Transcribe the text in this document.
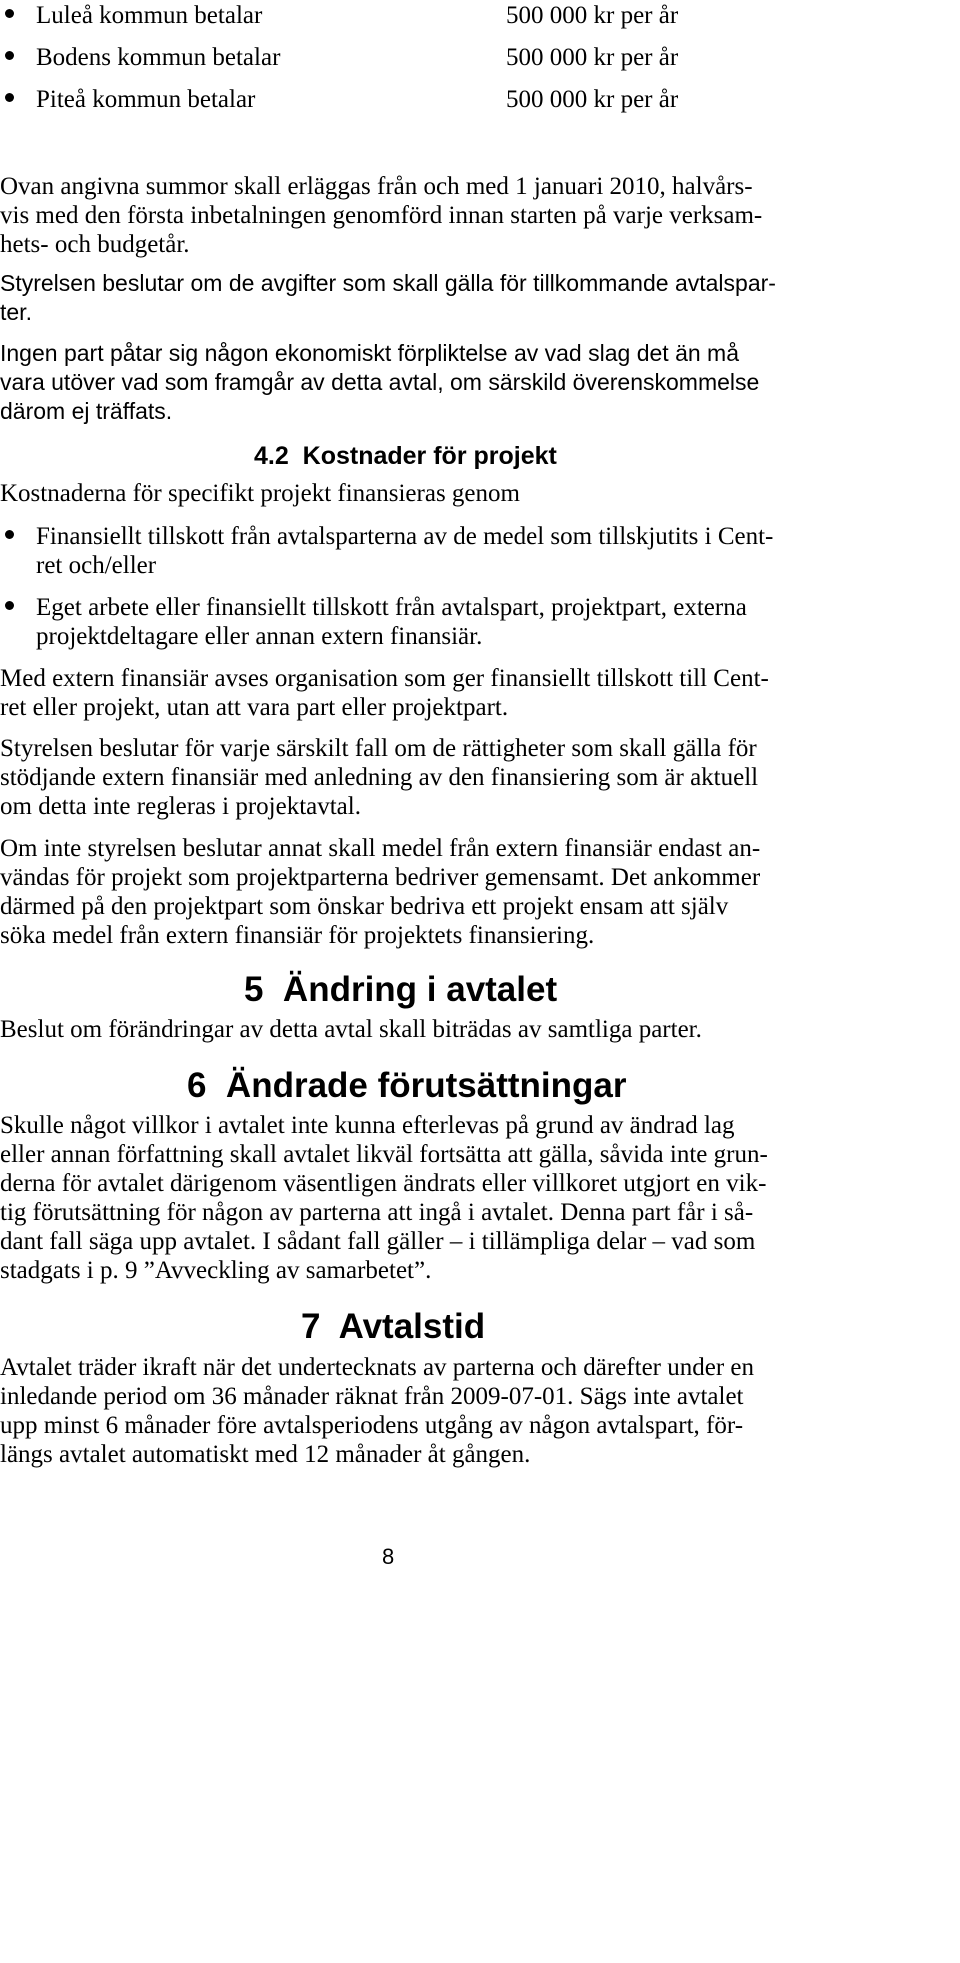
Luleå kommun betalar	500 000 kr per år
Bodens kommun betalar	500 000 kr per år
Piteå kommun betalar	500 000 kr per år
Ovan angivna summor skall erläggas från och med 1 januari 2010, halvårs-
vis med den första inbetalningen genomförd innan starten på varje verksam-
hets- och budgetår.
Styrelsen beslutar om de avgifter som skall gälla för tillkommande avtalspar-
ter.
Ingen part påtar sig någon ekonomiskt förpliktelse av vad slag det än må
vara utöver vad som framgår av detta avtal, om särskild överenskommelse
därom ej träffats.
4.2  Kostnader för projekt
Kostnaderna för specifikt projekt finansieras genom
Finansiellt tillskott från avtalsparterna av de medel som tillskjutits i Cent-
ret och/eller
Eget arbete eller finansiellt tillskott från avtalspart, projektpart, externa
projektdeltagare eller annan extern finansiär.
Med extern finansiär avses organisation som ger finansiellt tillskott till Cent-
ret eller projekt, utan att vara part eller projektpart.
Styrelsen beslutar för varje särskilt fall om de rättigheter som skall gälla för
stödjande extern finansiär med anledning av den finansiering som är aktuell
om detta inte regleras i projektavtal.
Om inte styrelsen beslutar annat skall medel från extern finansiär endast an-
vändas för projekt som projektparterna bedriver gemensamt. Det ankommer
därmed på den projektpart som önskar bedriva ett projekt ensam att själv
söka medel från extern finansiär för projektets finansiering.
5  Ändring i avtalet
Beslut om förändringar av detta avtal skall biträdas av samtliga parter.
6  Ändrade förutsättningar
Skulle något villkor i avtalet inte kunna efterlevas på grund av ändrad lag
eller annan författning skall avtalet likväl fortsätta att gälla, såvida inte grun-
derna för avtalet därigenom väsentligen ändrats eller villkoret utgjort en vik-
tig förutsättning för någon av parterna att ingå i avtalet. Denna part får i så-
dant fall säga upp avtalet. I sådant fall gäller – i tillämpliga delar – vad som
stadgats i p. 9 ”Avveckling av samarbetet”.
7  Avtalstid
Avtalet träder ikraft när det undertecknats av parterna och därefter under en
inledande period om 36 månader räknat från 2009-07-01. Sägs inte avtalet
upp minst 6 månader före avtalsperiodens utgång av någon avtalspart, för-
längs avtalet automatiskt med 12 månader åt gången.
8
